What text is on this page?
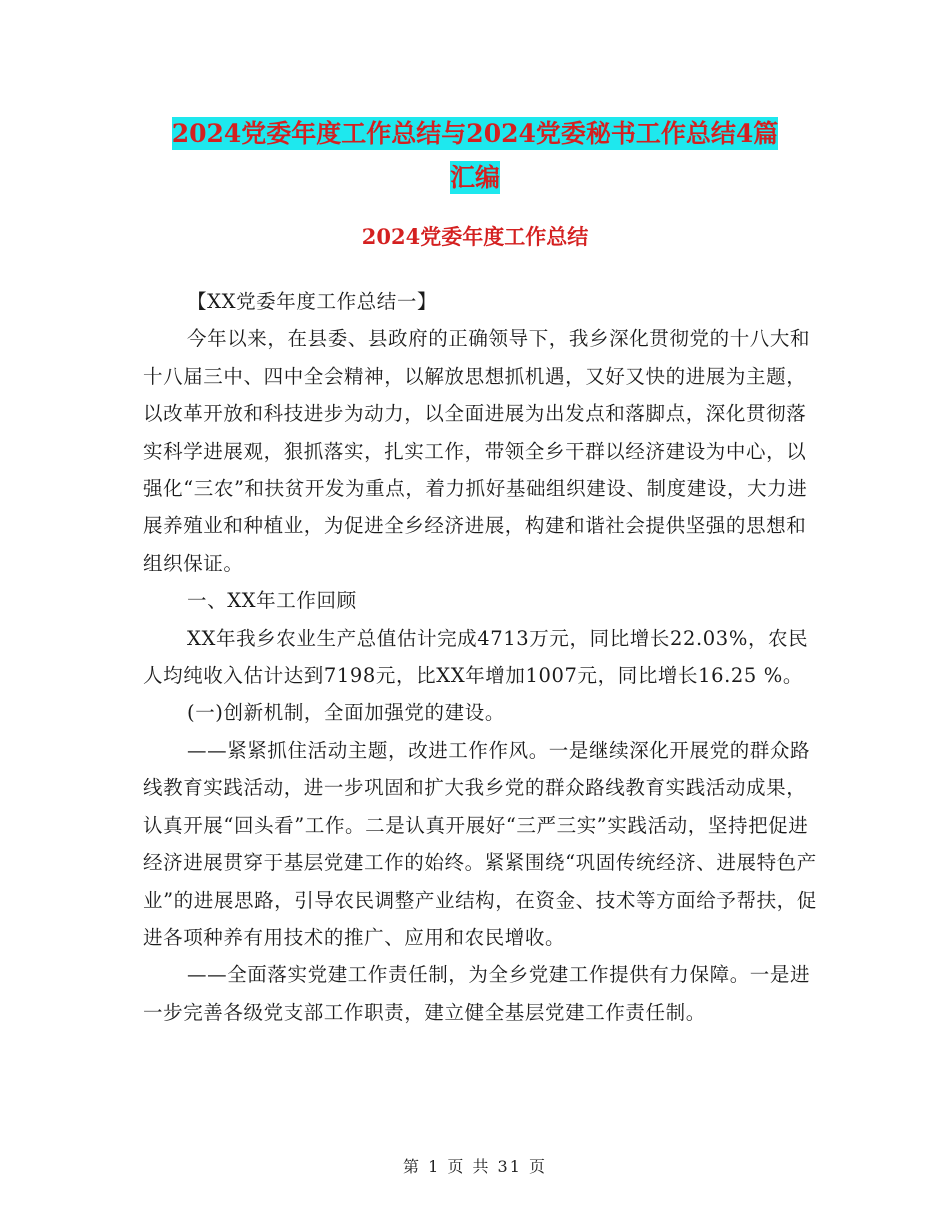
2024党委年度工作总结与2024党委秘书工作总结4篇
汇编
2024党委年度工作总结

【XX党委年度工作总结一】

今年以来，在县委、县政府的正确领导下，我乡深化贯彻党的十八大和十八届三中、四中全会精神，以解放思想抓机遇，又好又快的进展为主题，以改革开放和科技进步为动力，以全面进展为出发点和落脚点，深化贯彻落实科学进展观，狠抓落实，扎实工作，带领全乡干群以经济建设为中心，以强化“三农”和扶贫开发为重点，着力抓好基础组织建设、制度建设，大力进展养殖业和种植业，为促进全乡经济进展，构建和谐社会提供坚强的思想和组织保证。

一、XX年工作回顾

XX年我乡农业生产总值估计完成4713万元，同比增长22.03%，农民人均纯收入估计达到7198元，比XX年增加1007元，同比增长16.25 %。

(一)创新机制，全面加强党的建设。

——紧紧抓住活动主题，改进工作作风。一是继续深化开展党的群众路线教育实践活动，进一步巩固和扩大我乡党的群众路线教育实践活动成果，认真开展“回头看”工作。二是认真开展好“三严三实”实践活动，坚持把促进经济进展贯穿于基层党建工作的始终。紧紧围绕“巩固传统经济、进展特色产业”的进展思路，引导农民调整产业结构，在资金、技术等方面给予帮扶，促进各项种养有用技术的推广、应用和农民增收。

——全面落实党建工作责任制，为全乡党建工作提供有力保障。一是进一步完善各级党支部工作职责，建立健全基层党建工作责任制。

第 1 页 共 31 页
